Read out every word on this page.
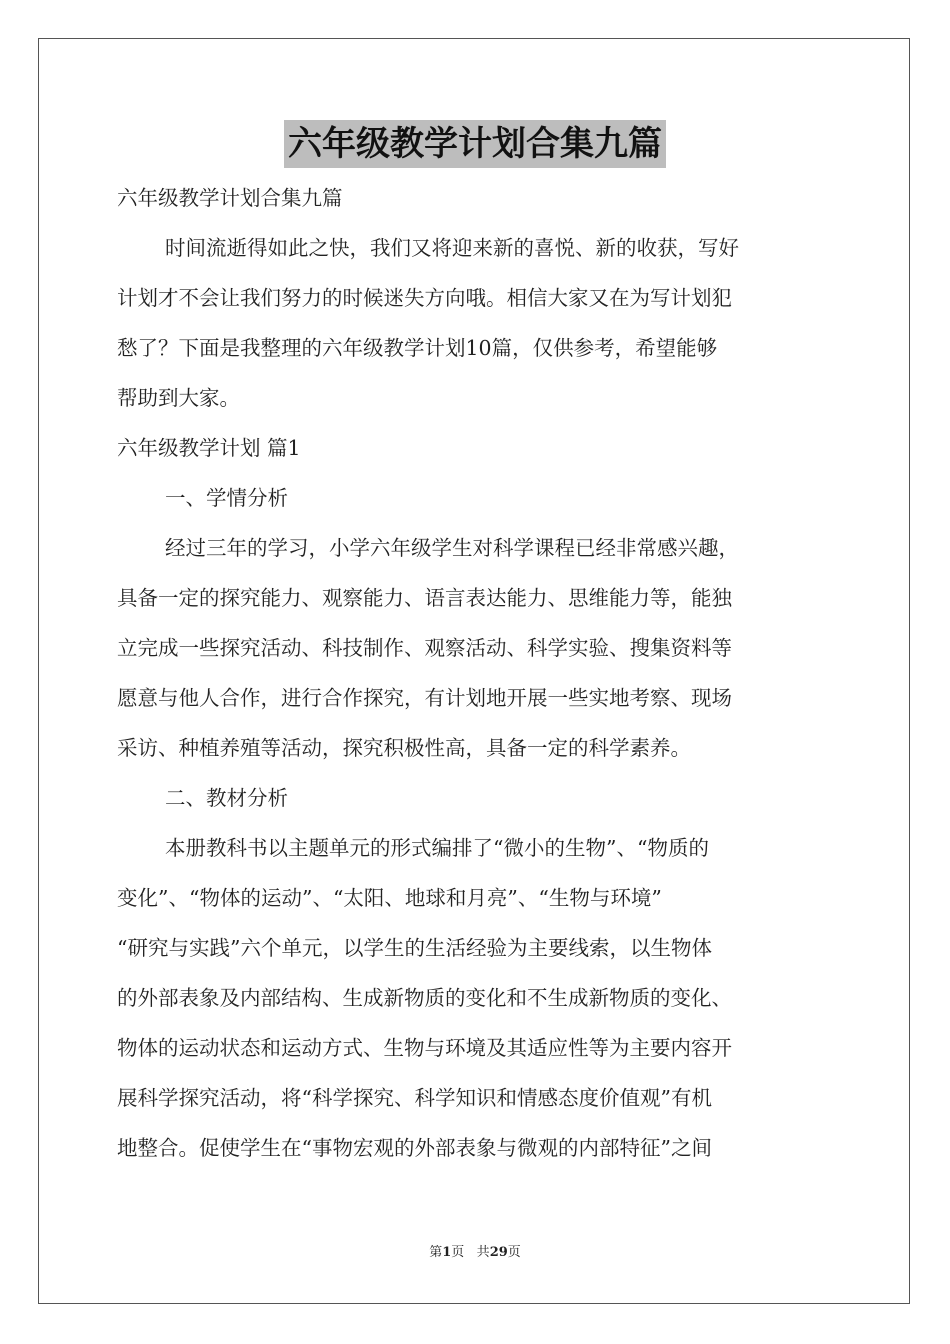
六年级教学计划合集九篇
六年级教学计划合集九篇
时间流逝得如此之快，我们又将迎来新的喜悦、新的收获，写好
计划才不会让我们努力的时候迷失方向哦。相信大家又在为写计划犯
愁了？下面是我整理的六年级教学计划10篇，仅供参考，希望能够
帮助到大家。
六年级教学计划 篇1
一、学情分析
经过三年的学习，小学六年级学生对科学课程已经非常感兴趣，
具备一定的探究能力、观察能力、语言表达能力、思维能力等，能独
立完成一些探究活动、科技制作、观察活动、科学实验、搜集资料等
愿意与他人合作，进行合作探究，有计划地开展一些实地考察、现场
采访、种植养殖等活动，探究积极性高，具备一定的科学素养。
二、教材分析
本册教科书以主题单元的形式编排了“微小的生物”、“物质的
变化”、“物体的运动”、“太阳、地球和月亮”、“生物与环境”
“研究与实践”六个单元，以学生的生活经验为主要线索，以生物体
的外部表象及内部结构、生成新物质的变化和不生成新物质的变化、
物体的运动状态和运动方式、生物与环境及其适应性等为主要内容开
展科学探究活动，将“科学探究、科学知识和情感态度价值观”有机
地整合。促使学生在“事物宏观的外部表象与微观的内部特征”之间
第1页 共29页
